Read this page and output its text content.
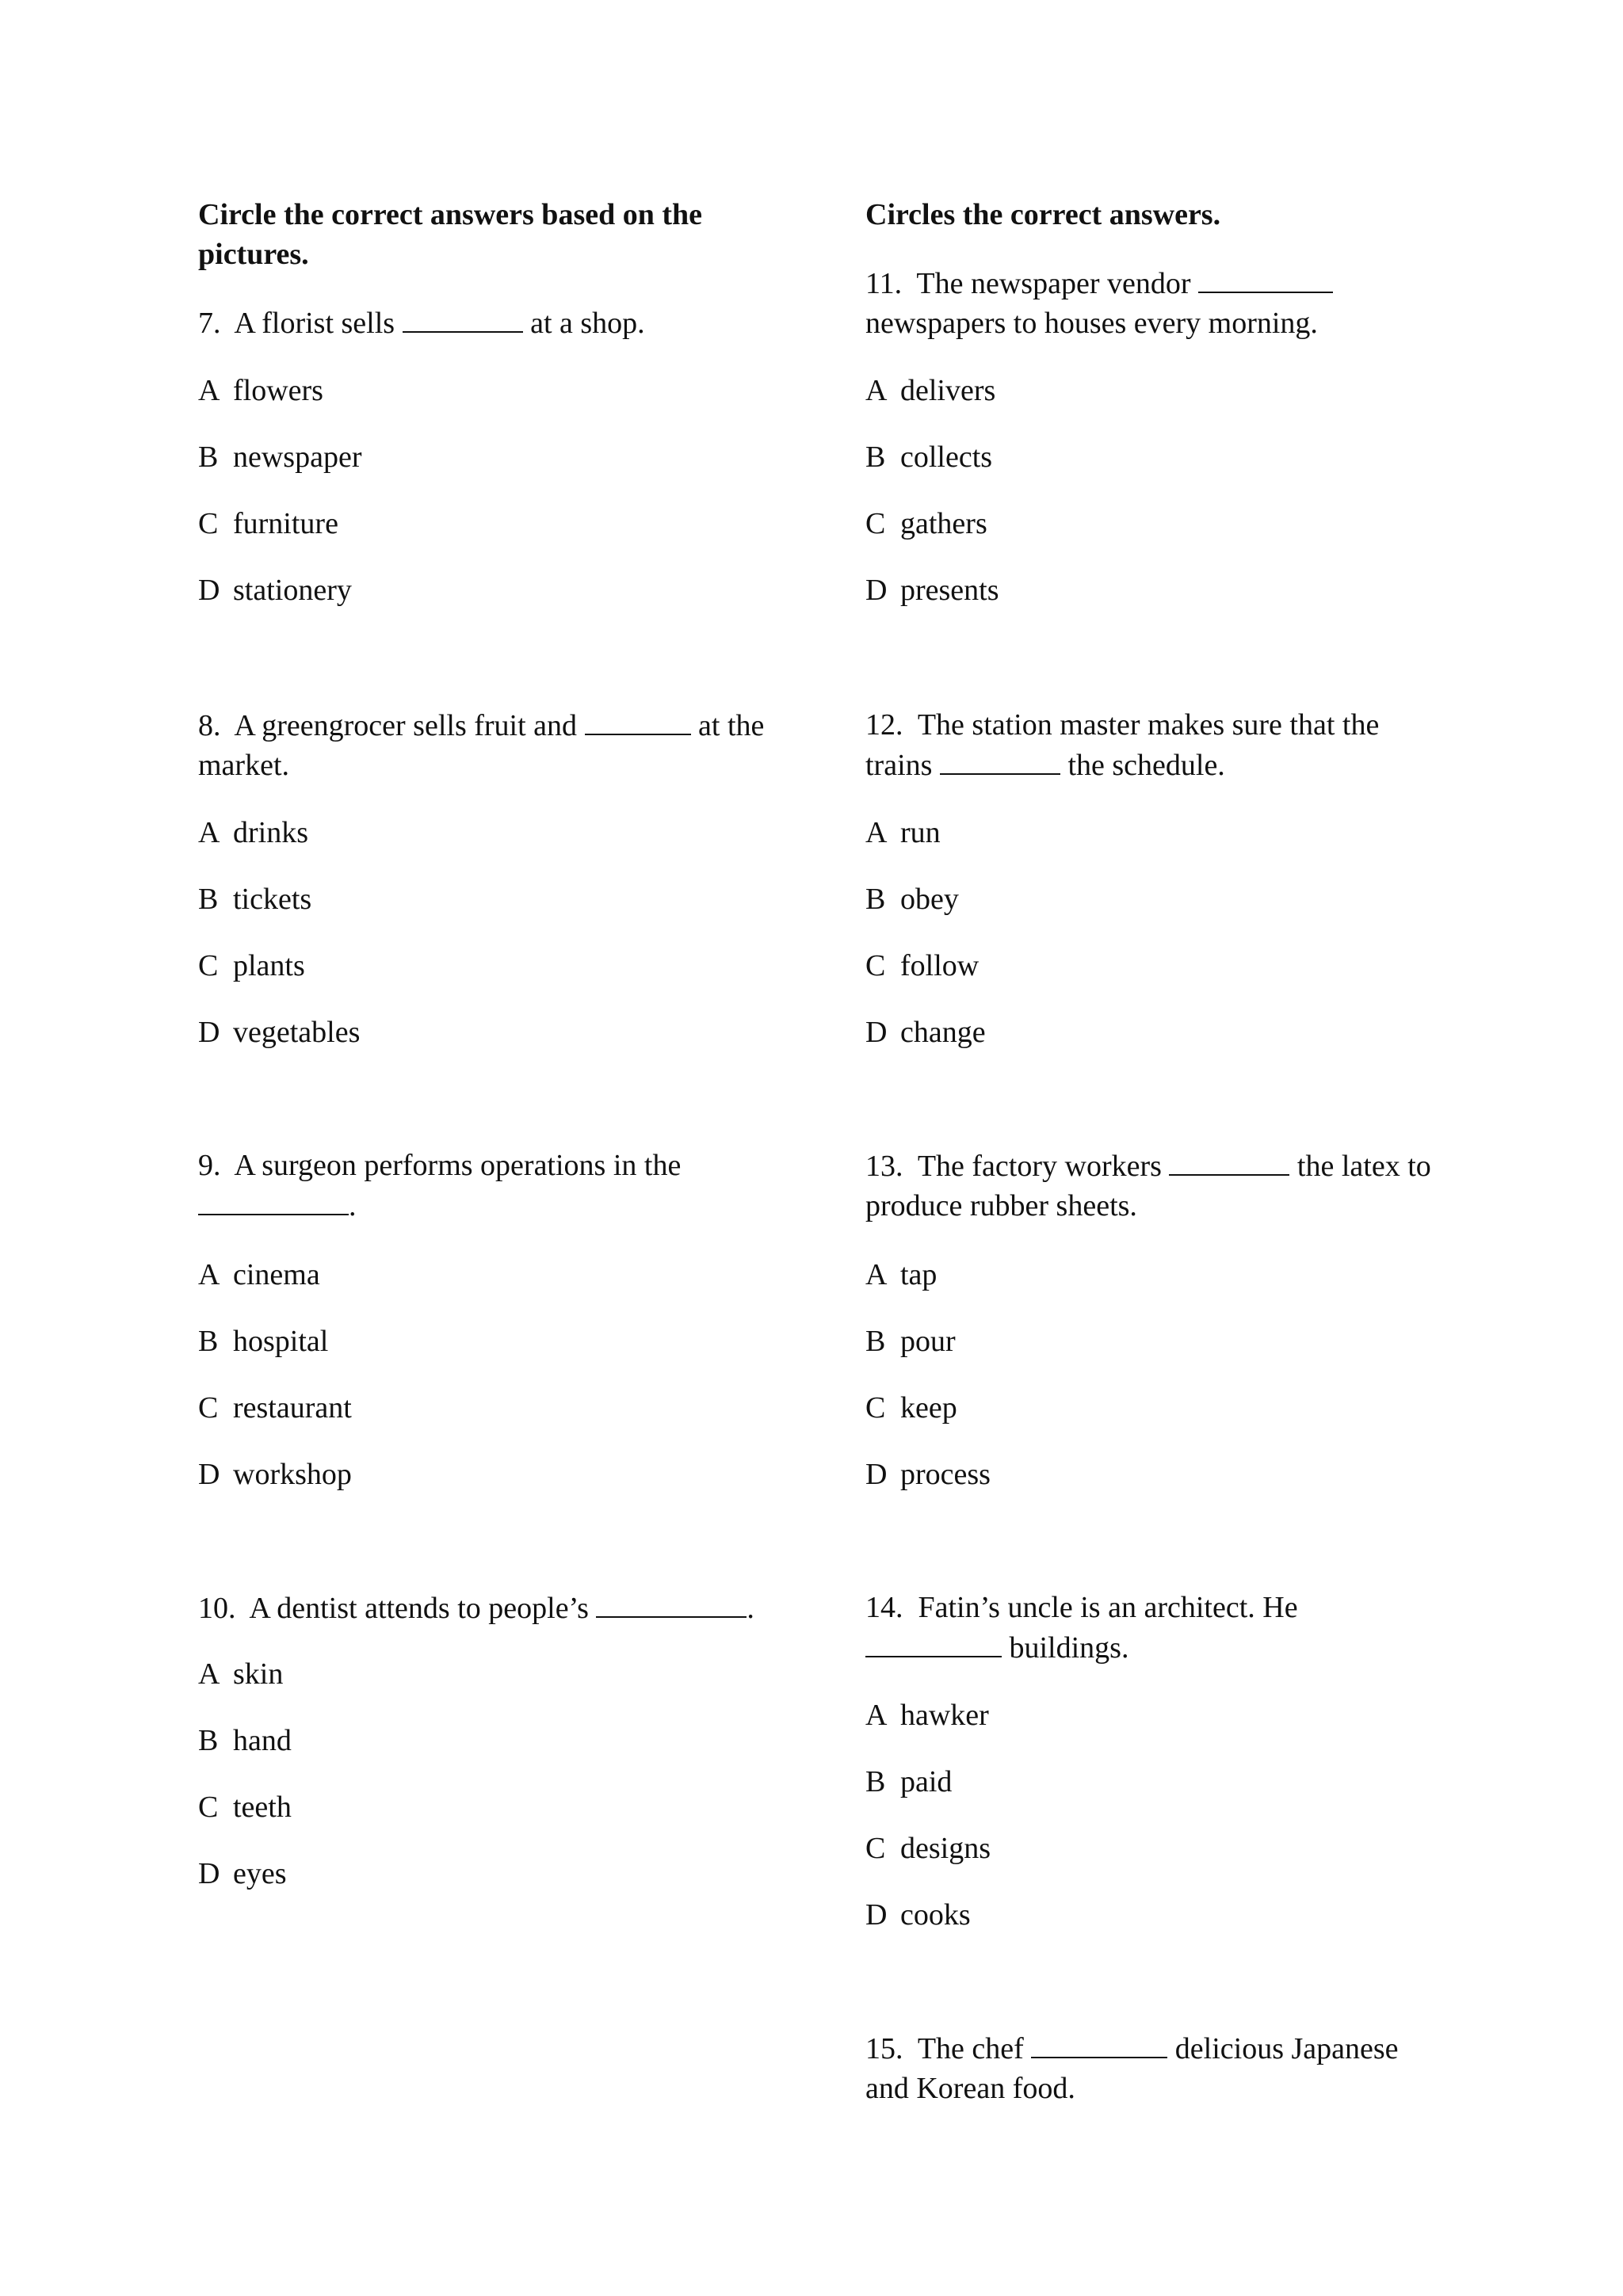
Circle the correct answers based on the pictures.

7. A florist sells	at a shop.

A flowers
B newspaper
C furniture
D stationery

8. A greengrocer sells fruit and	at the market.

A drinks
B tickets
C plants
D vegetables

9. A surgeon performs operations in the
.

A cinema
B hospital
C restaurant
D workshop

10. A dentist attends to people’s	.

A skin
B hand
C teeth
D eyes
Circles the correct answers.

11. The newspaper vendor
newspapers to houses every morning.

A delivers
B collects
C gathers
D presents

12. The station master makes sure that the trains	the schedule.

A run
B obey
C follow
D change

13. The factory workers	the latex to produce rubber sheets.

A tap
B pour
C keep
D process

14. Fatin’s uncle is an architect. He
buildings.

A hawker
B paid
C designs
D cooks

15. The chef	delicious Japanese and Korean food.
